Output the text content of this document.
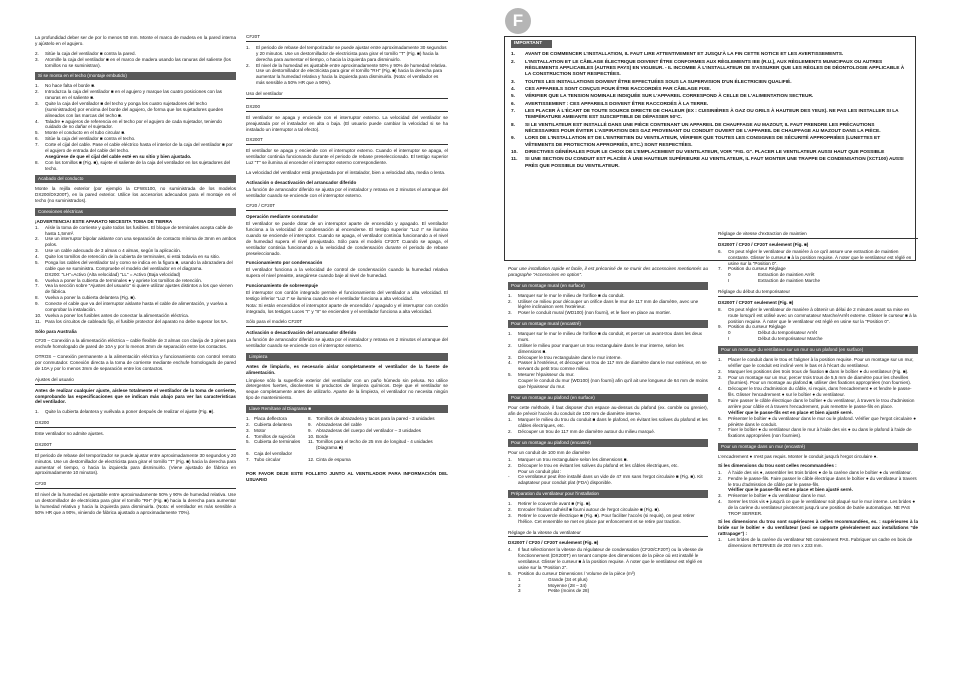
La profundidad deber ser de por lo menos 50 mm. Monte el marco de madera en la pared interna y ajústelo en el agujero.

2.	Sitúe la caja del ventilador ■ contra la pared.
3.	Atornille la caja del ventilador ■ en el marco de madera usando las ranuras del saliente (los tornillos no se suministran).
Si se monta en el techo (montaje embutido)
1.	No hace falta el borde ■.
2.	Introduzca la caja del ventilador ■ en el agujero y marque las cuatro posiciones con las ranuras en el saliente ■.
3.	Quite la caja del ventilador ■ del techo y ponga los cuatro sujetadores del techo (suministrados) por encima del borde del agujero, de forma que los sujetadores queden alineados con las marcas del techo ■.
4.	Taladre ● agujeros de referencia en el techo por el agujero de cada sujetador, teniendo cuidado de no dañar el sujetador.
5.	Monte el conducto en el tubo circular ■.
6.	Sitúe la caja del ventilador ■ contra el techo.
7.	Corte el cijal del cable. Pase el cable eléctrico hasta el interior de la caja del ventilador ■ por el agujero de entrada del cable del techo.
Asegúrese de que el cijal del cable esté en su sitio y bien ajustado.
8.	Con los tornillos ■ (Fig. ■), sujete el saliente de la caja del ventilador en los sujetadores del techo.
Acabado del conducto

Monte la rejilla exterior (por ejemplo la CFWS100, no suministrada de los modelos DX200/DX200T), en la pared exterior. Utilice los accesorios adecuados para el montaje en el techo (no suministrados).

Conexiones eléctricas
¡ADVERTENCIA! ESTE APARATO NECESITA TOMA DE TIERRA
1.	Aísle la toma de corriente y quite todos los fusibles. El bloque de terminales acepta cable de hasta 1,5mm².
2.	Use un interruptor bipolar aislante con una separación de contacto mínima de 3mm en ambos polos.
3.	Use un cable adecuado de 3 almas o 4 almas, según la aplicación.
4.	Quite los tornillos de retención de la cubierta de terminales, si está todavía en su sitio.
5.	Ponga los cables del ventilador tal y como se indica en la figura ■, usando la abrazadera del cable que se suministra. Compruebe el modelo del ventilador en el diagrama.
DX200: "LH"=Activo (Alta velocidad) "LL" = Activo (Baja velocidad)
6.	Vuelva a poner la cubierta de terminales ● y apriete los tornillos de retención.
7.	Vea la sección sobre "Ajustes del usuario" si quiere utilizar ajustes distintos a los que vienen de fábrica.
8.	Vuelva a poner la cubierta delantera (Fig. ■).
9.	Conecte el cable que va del interruptor aislante hasta el cable de alimentación, y vuelva a comprobar la instalación.
10. Vuelva a poner los fusibles antes de conectar la alimentación eléctrica.
11. Para los circuitos de cableado fijo, el fusible protector del aparato no debe superar los 5A.

Sólo para Australia

CF20 – Conexión a la alimentación eléctrica – cable flexible de 3 almas con clavija de 3 pines para enchufe homologado de pared de 10A y por lo menos 3mm de separación entre los contactos.

OTROS – Conexión permanente a la alimentación eléctrica y funcionamiento con control remoto por conmutador. Conexión directa a la toma de corriente mediante enchufe homologado de pared de 10A y por lo menos 3mm de separación entre los contactos.

Ajustes del usuario

Antes de realizar cualquier ajuste, aíslese totalmente el ventilador de la toma de corriente, comprobando las especificaciones que se indican más abajo para ver las características del ventilador.

1.	Quite la cubierta delantera y vuélvala a poner después de realizar el ajuste (Fig. ■).
DX200

Este ventilador no admite ajustes.

DX200T

El periodo de rebase del temporizador se puede ajustar entre aproximadamente 30 segundos y 20 minutos. Use un destornillador de electricista para girar el tornillo "T" (Fig. ■) hacia la derecha para aumentar el tiempo, o hacia la izquierda para disminuirlo. (Viene ajustado de fábrica en aproximadamente 10 minutos).

CF20

El nivel de la humedad es ajustable entre aproximadamente 50% y 90% de humedad relativa. Use un destornillador de electricista para girar el tornillo "RH" (Fig. ■) hacia la derecha para aumentar la humedad relativa y hacia la izquierda para disminuirla. (Nota: el ventilador es más sensible a 50% HR que a 90%, viniendo de fábrica ajustado a aproximadamente 70%).

CF20T
1.	El periodo de rebase del temporizador se puede ajustar entre aproximadamente 30 segundos y 20 minutos. Use un destornillador de electricista para girar el tornillo "T" (Fig. ■) hacia la derecha para aumentar el tiempo, o hacia la izquierda para disminuirlo.
2.	El nivel de la humedad es ajustable entre aproximadamente 50% y 90% de humedad relativa. Use un destornillador de electricista para girar el tornillo "RH" (Fig. ■) hacia la derecha para aumentar la humedad relativa y hacia la izquierda para disminuirla. (Nota: el ventilador es más sensible a 50% HR que a 90%).
Uso del ventilador
DX200

El ventilador se apaga y enciende con el interruptor externo. La velocidad del ventilador se preajustada por el instalador en alta o baja. (El usuario puede cambiar la velocidad si se ha instalado un interruptor a tal efecto).

DX200T

El ventilador se apaga y enciende con el interruptor externo. Cuando el interruptor se apaga, el ventilador continúa funcionando durante el periodo de rebase preseleccionado. El testigo superior Luz "T" se ilumina al encender el interruptor externo correspondiente.

La velocidad del ventilador está preajustada por el instalador, bien a velocidad alta, media o lenta.

Activación o desactivación del arrancador diferido

La función de arrancador diferido se ajusta por el instalador y retrasa en 2 minutos el arranque del ventilador cuando se enciende con el interruptor externo.

CF20 / CF20T

Operación mediante conmutador

El ventilador se puede dotar de un interruptor aparte de encendido y apagado. El ventilador funciona a la velocidad de condensación al encenderse. El testigo superior "Luz I" se ilumina cuando se enciende el interruptor. Cuando se apaga, el ventilador continúa funcionando a el nivel de humedad supera el nivel preajustado. Sólo para el modelo CF20T: Cuando se apaga, el ventilador continúa funcionando a la velocidad de condensación durante el periodo de rebase preseleccionado.

Funcionamiento por condensación

El ventilador funciona a la velocidad de control de condensación cuando la humedad relativa supera el nivel preaiste, asegúrese cuando baje al nivel de humedad.

Funcionamiento de sobreempuje

El interruptor con cordón integrado permite el funcionamiento del ventilador a alta velocidad. El testigo inferior "Luz I" se ilumina cuando se el ventilador funciona a alta velocidad.

Nota: Si están encendidos el interruptor aparte de encendido / apagado y el interruptor con cordón integrado, los testigos Luces "I" y "II" se encienden y el ventilador funciona a alta velocidad.

Sólo para el modelo CF20T

Activación o desactivación del arrancador diferido

La función de arrancador diferido se ajusta por el instalador y retrasa en 2 minutos el arranque del ventilador cuando se enciende con el interruptor externo.

Limpieza

Antes de limpiarlo, es necesario aislar completamente el ventilador de la fuente de alimentación.

Límpiese sólo la superficie exterior del ventilador con un paño húmedo sin pelusa. No utilice detergentes fuertes, disolventes ni productos de limpieza químicos. Deje que el ventilador se seque completamente antes de utilizarlo. Aparte de la limpieza, el ventilador no necesita ningún tipo de mantenimiento.

Llave Remítase al Diagrama ■
1. Placa deflectora	8. Tornillos de abrazadera y tacos para la pared - 3 unidades
2. Cubierta delantera	9. Abrazaderas del cable
3. Motor	9. Abrazaderas del cuerpo del ventilador – 3 unidades
4. Tornillos de sujeción	10. Borde
5. Cubierta de terminales	11. Tornillos para el techo de 25 mm de longitud - 4 unidades (Diagrama ■)
6. Caja del ventilador
7. Tubo circular	12. Cinta de espuma

POR FAVOR DEJE ESTE FOLLETO JUNTO AL VENTILADOR PARA INFORMACIÓN DEL USUARIO

F
IMPORTANT
1.	AVANT DE COMMENCER L'INSTALLATION, IL FAUT LIRE ATTENTIVEMENT ET JUSQU'À LA FIN CETTE NOTICE ET LES AVERTISSEMENTS.
2.	L'INSTALLATION ET LE CÂBLAGE ÉLECTRIQUE DOIVENT ÊTRE CONFORMES AUX RÈGLEMENTS IEE (R.U.), AUX RÈGLEMENTS MUNICIPAUX OU AUTRES RÈGLEMENTS APPLICABLES (AUTRES PAYS) EN VIGUEUR. - IL INCOMBE À L'INSTALLATEUR DE S'ASSURER QUE LES RÈGLES DE DÉONTOLOGIE APPLICABLE À LA CONSTRUCTION SONT RESPECTÉES.
3.	TOUTES LES INSTALLATIONS DOIVENT ÊTRE EFFECTUÉES SOUS LA SUPERVISION D'UN ÉLECTRICIEN QUALIFIÉ.
4.	CES APPAREILS SONT CONÇUS POUR ÊTRE RACCORDÉS PAR CÂBLAGE FIXE.
5.	VÉRIFIER QUE LA TENSION NOMINALE INDIQUÉE SUR L'APPAREIL CORRESPOND À CELLE DE L'ALIMENTATION SECTEUR.
6.	AVERTISSEMENT : CES APPAREILS DOIVENT ÊTRE RACCORDÉS À LA TERRE.
7.	LES PLACER À L'ÉCART DE TOUTE SOURCE DIRECTE DE CHALEUR (EX : CUISINIÈRES À GAZ OU GRILS À HAUTEUR DES YEUX). NE PAS LES INSTALLER SI LA TEMPÉRATURE AMBIANTE EST SUSCEPTIBLE DE DÉPASSER 50°C.
8.	SI LE VENTILATEUR EST INSTALLÉ DANS UNE PIÈCE CONTENANT UN APPAREIL DE CHAUFFAGE AU MAZOUT, IL FAUT PRENDRE LES PRÉCAUTIONS NÉCESSAIRES POUR ÉVITER L'ASPIRATION DES GAZ PROVENANT DU CONDUIT OUVERT DE L'APPAREIL DE CHAUFFAGE AU MAZOUT DANS LA PIÈCE.
9.	LORS DE L'INSTALLATION ET DE L'ENTRETIEN DU VENTILATEUR, VÉRIFIER QUE TOUTES LES CONSIGNES DE SÉCURITÉ APPROPRIÉES (LUNETTES ET VÊTEMENTS DE PROTECTION APPROPRIÉS, ETC.) SONT RESPECTÉES.
10.	DIRECTIVES GÉNÉRALES POUR LE CHOIX DE L'EMPLACEMENT DU VENTILATEUR, VOIR "FIG. G". PLACER LE VENTILATEUR AUSSI HAUT QUE POSSIBLE
11.	SI UNE SECTION DU CONDUIT EST PLACÉE À UNE HAUTEUR SUPÉRIEURE AU VENTILATEUR, IL FAUT MONTER UNE TRAPPE DE CONDENSATION (XCT100) AUSSI PRÈS QUE POSSIBLE DU VENTILATEUR.

Pour une installation rapide et facile, il est préconisé de se munir des accessoires mentionnés au paragraphe "Accessoires en option".

Pour un montage mural (en surface)
1.	Marquer sur le mur le milieu de l'orifice ■ du conduit.
2.	Utiliser ce milieu pour découper un orifice dans le mur de 117 mm de diamètre, avec une légère inclinaison vers l'extérieur.
3.	Poser le conduit mural (WD100) (non fourni), et le fixer en place au mortier.
Pour un montage mural (encastré)
1.	Marquer sur le mur le milieu de l'orifice ■ du conduit, et percer un avant-trou dans les deux murs.
2.	Utiliser le milieu pour marquer un trou rectangulaire dans le mur interne, selon les dimensions ■.
3.	Découper le trou rectangulaire dans le mur interne.
4.	Passer à l'extérieur, et découper un trou de 117 mm de diamètre dans le mur extérieur, en se servant du petit trou comme milieu.
5.	Mesurer l'épaisseur du mur.
Couper le conduit du mur (WD100) (non fourni) afin qu'il ait une longueur de 64 mm de moins que l'épaisseur du mur.
Pour un montage au plafond (en surface)

Pour cette méthode, il faut disposer d'un espace au-dessus du plafond (ex. comble ou grenier), afin de prévoir l'accès du conduit de 100 mm de diamètre interne.

1.	Marquer le milieu du trou du conduit ■ dans le plafond, en évitant les solives du plafond et les câbles électriques, etc.
2.	Découper un trou de 117 mm de diamètre autour du milieu marqué.
Pour un montage au plafond (encastré)

Pour un conduit de 100 mm de diamètre

1.	Marquer un trou rectangulaire selon les dimensions ■.
2.	Découper le trou en évitant les solives du plafond et les câbles électriques, etc.
Pour un conduit plat :
-	Ce ventilateur peut être installé dans un vide de 47 mm sans l'ergot circulaire ■ (Fig. ■). Kit adaptateur pour conduit plat (FDA) disponible.
Préparation du ventilateur pour l'installation
1.	Retirer le couvercle avant ■ (Fig. ■).
2.	Enrouler l'isolant adhésif ■ fourni autour de l'ergot circulaire ■ (Fig. ■).
3.	Retirer le couvercle électrique ■ (Fig. ■). Pour faciliter l'accès (si requis), on peut retirer l'hélice. Cet ensemble se met en place par enfoncement et se retire par traction.
Réglage de la vitesse du ventilateur

DX200T / CF20 / CF20T seulement (Fig. ■)

4.	Il faut sélectionner la vitesse du régulateur de condensation (CF20/CF20T) ou la vitesse de fonctionnement (DX200T) en tenant compte des dimensions de la pièce où est installé le ventilateur. Glisser le curseur ■ à la position requise. À noter que le ventilateur est réglé en usine sur la "Position 2".
5.	Position du curseur Dimensions / Volume de la pièce (m³)
1	Grande (34 et plus)
2	Moyenne (28 – 34)
3	Petite (moins de 28)
Réglage de vitesse d'extraction de maintien

DX200T / CF20 / CF20T seulement (Fig. ■)

6.	On peut régler le ventilateur de manière à ce qu'il assure une extraction de maintien constante. Glisser le curseur ■ à la position requise. À noter que le ventilateur est réglé en usine sur la "Position 0".
7.	Position du curseur Réglage
0	Extraction de maintien Arrêt
I	Extraction de maintien Marche
Réglage du début du temporisateur

DX200T / CF20T seulement (Fig. ■)

8.	On peut régler le ventilateur de manière à obtenir un délai de 2 minutes avant sa mise en route lorsqu'il est utilisé avec un commutateur Marche/Arrêt externe. Glisser le curseur ■ à la position requise. À noter que le ventilateur est réglé en usine sur la "Position 0".
9.	Position du curseur Réglage
0	Début du temporisateur Arrêt
I	Début du temporisateur Marche
Pour un montage du ventilateur sur un mur ou un plafond (en surface)
1.	Placer le conduit dans le trou et l'aligner à la position requise. Pour un montage sur un mur, vérifier que le conduit est incliné vers le bas et à l'écart du ventilateur.
2.	Marquer les positions des trois trous de fixation ■ dans le boîtier ● du ventilateur (Fig. ■).
3.	Pour un montage sur un mur, percer trois trous de 5,5 mm de diamètre pour les chevilles (fournies). Pour un montage au plafond ■, utiliser des fixations appropriées (non fournies).
4.	Découper le trou d'admission du câble, si requis, dans l'encadrement ● et fendre le passe-fils. Glisser l'encadrement ● sur le boîtier ● du ventilateur.
5.	Faire passer le câble électrique dans le boîtier ● du ventilateur, à travers le trou d'admission arrière pour câble et à travers l'encadrement, puis remettre le passe-fils en place.
Vérifier que le passe-fils est en place et bien ajusté serré.
6.	Présenter le boîtier ● du ventilateur dans le mur ou le plafond. Vérifier que l'ergot circulaire ● pénètre dans le conduit.
7.	Fixer le boîtier ● du ventilateur dans le mur à l'aide des vis ● ou dans le plafond à l'aide de fixations appropriées (non fournies).
Pour un montage dans un mur (encastré)

L'encadrement ● n'est pas requis. Monter le conduit jusqu'à l'ergot circulaire ●.

Si les dimensions du trou sont celles recommandées :

1.	À l'aide des vis ●, assembler les trois brides ● de la carène dans le boîtier ● du ventilateur.
2.	Fendre le passe-fils. Faire passer le câble électrique dans le boîtier ● du ventilateur à travers le trou d'admission de câble par le passe-fils.
Vérifier que le passe-fils est en place et bien ajusté serré.
3.	Présenter le boîtier ● du ventilateur dans le mur.
4.	Serrer les trois vis ● jusqu'à ce que le ventilateur soit plaqué sur le mur interne. Les brides ● de la carène du ventilateur pivoteront jusqu'à une position de butée automatique. NE PAS TROP SERRER.

Si les dimensions du trou sont supérieures à celles recommandées, ex. : supérieures à la bride sur le boîtier ● du ventilateur (ceci se rapporte généralement aux installations "de rattrapage") :

1.	Les brides de la carène du ventilateur NE conviennent PAS. Fabriquer un cadre en bois de dimensions INTERNES de 203 mm x 233 mm.
